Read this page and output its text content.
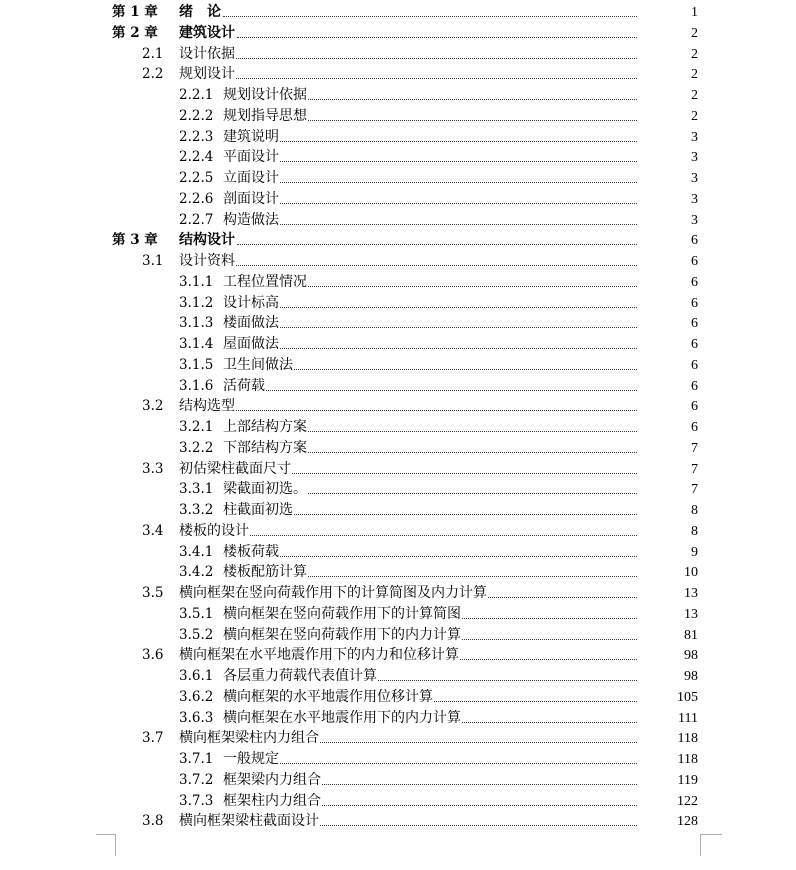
第 1 章 绪　论	1
第 2 章 建筑设计	2
2.1 设计依据	2
2.2 规划设计	2
2.2.1 规划设计依据	2
2.2.2 规划指导思想	2
2.2.3 建筑说明	3
2.2.4 平面设计	3
2.2.5 立面设计	3
2.2.6 剖面设计	3
2.2.7 构造做法	3
第 3 章 结构设计	6
3.1 设计资料	6
3.1.1 工程位置情况	6
3.1.2 设计标高	6
3.1.3 楼面做法	6
3.1.4 屋面做法	6
3.1.5 卫生间做法	6
3.1.6 活荷载	6
3.2 结构选型	6
3.2.1 上部结构方案	6
3.2.2 下部结构方案	7
3.3 初估梁柱截面尺寸	7
3.3.1 梁截面初选。	7
3.3.2 柱截面初选	8
3.4 楼板的设计	8
3.4.1 楼板荷载	9
3.4.2 楼板配筋计算	10
3.5 横向框架在竖向荷载作用下的计算简图及内力计算	13
3.5.1 横向框架在竖向荷载作用下的计算简图	13
3.5.2 横向框架在竖向荷载作用下的内力计算	81
3.6 横向框架在水平地震作用下的内力和位移计算	98
3.6.1 各层重力荷载代表值计算	98
3.6.2 横向框架的水平地震作用位移计算	105
3.6.3 横向框架在水平地震作用下的内力计算	111
3.7 横向框架梁柱内力组合	118
3.7.1 一般规定	118
3.7.2 框架梁内力组合	119
3.7.3 框架柱内力组合	122
3.8 横向框架梁柱截面设计	128
